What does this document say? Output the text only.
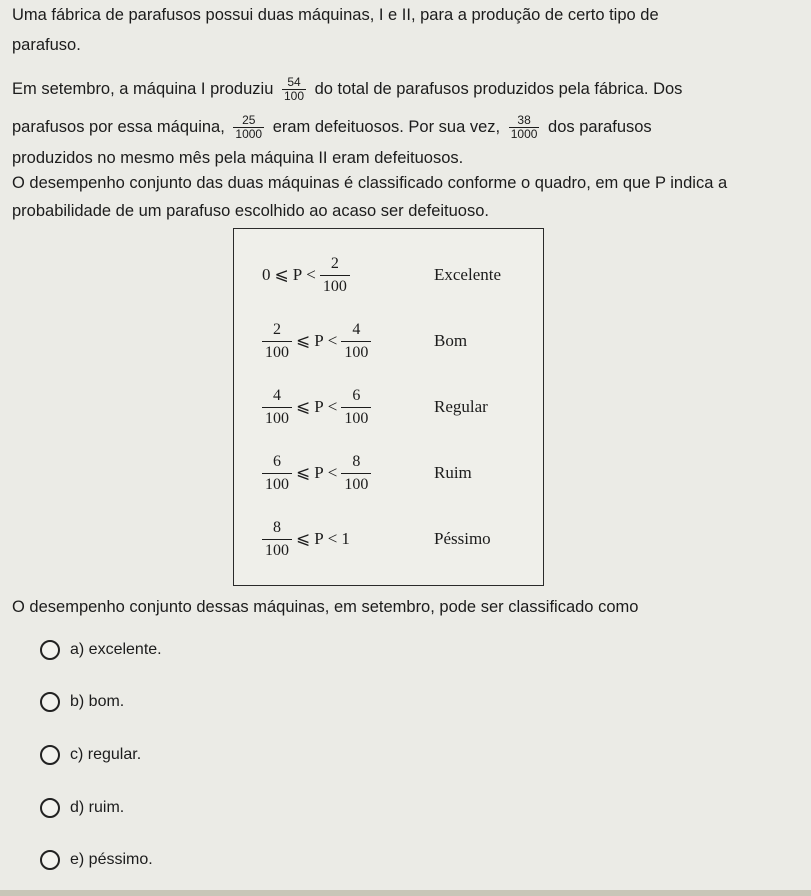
Uma fábrica de parafusos possui duas máquinas, I e II, para a produção de certo tipo de
parafuso.
Em setembro, a máquina I produziu $\frac{54}{100}$ do total de parafusos produzidos pela fábrica. Dos
parafusos por essa máquina, $\frac{25}{1000}$ eram defeituosos. Por sua vez, $\frac{38}{1000}$ dos parafusos
produzidos no mesmo mês pela máquina II eram defeituosos.
O desempenho conjunto das duas máquinas é classificado conforme o quadro, em que P indica a
probabilidade de um parafuso escolhido ao acaso ser defeituoso.
0 ⩽ $P < \frac{2}{100}$	Excelente
$\frac{2}{100}$ ⩽ $P < \frac{4}{100}$	Bom
$\frac{4}{100}$ ⩽ $P < \frac{6}{100}$	Regular
$\frac{6}{100}$ ⩽ $P < \frac{8}{100}$	Ruim
$\frac{8}{100}$ ⩽ P < 1	Péssimo
O desempenho conjunto dessas máquinas, em setembro, pode ser classificado como
a) excelente.
b) bom.
c) regular.
d) ruim.
e) péssimo.
